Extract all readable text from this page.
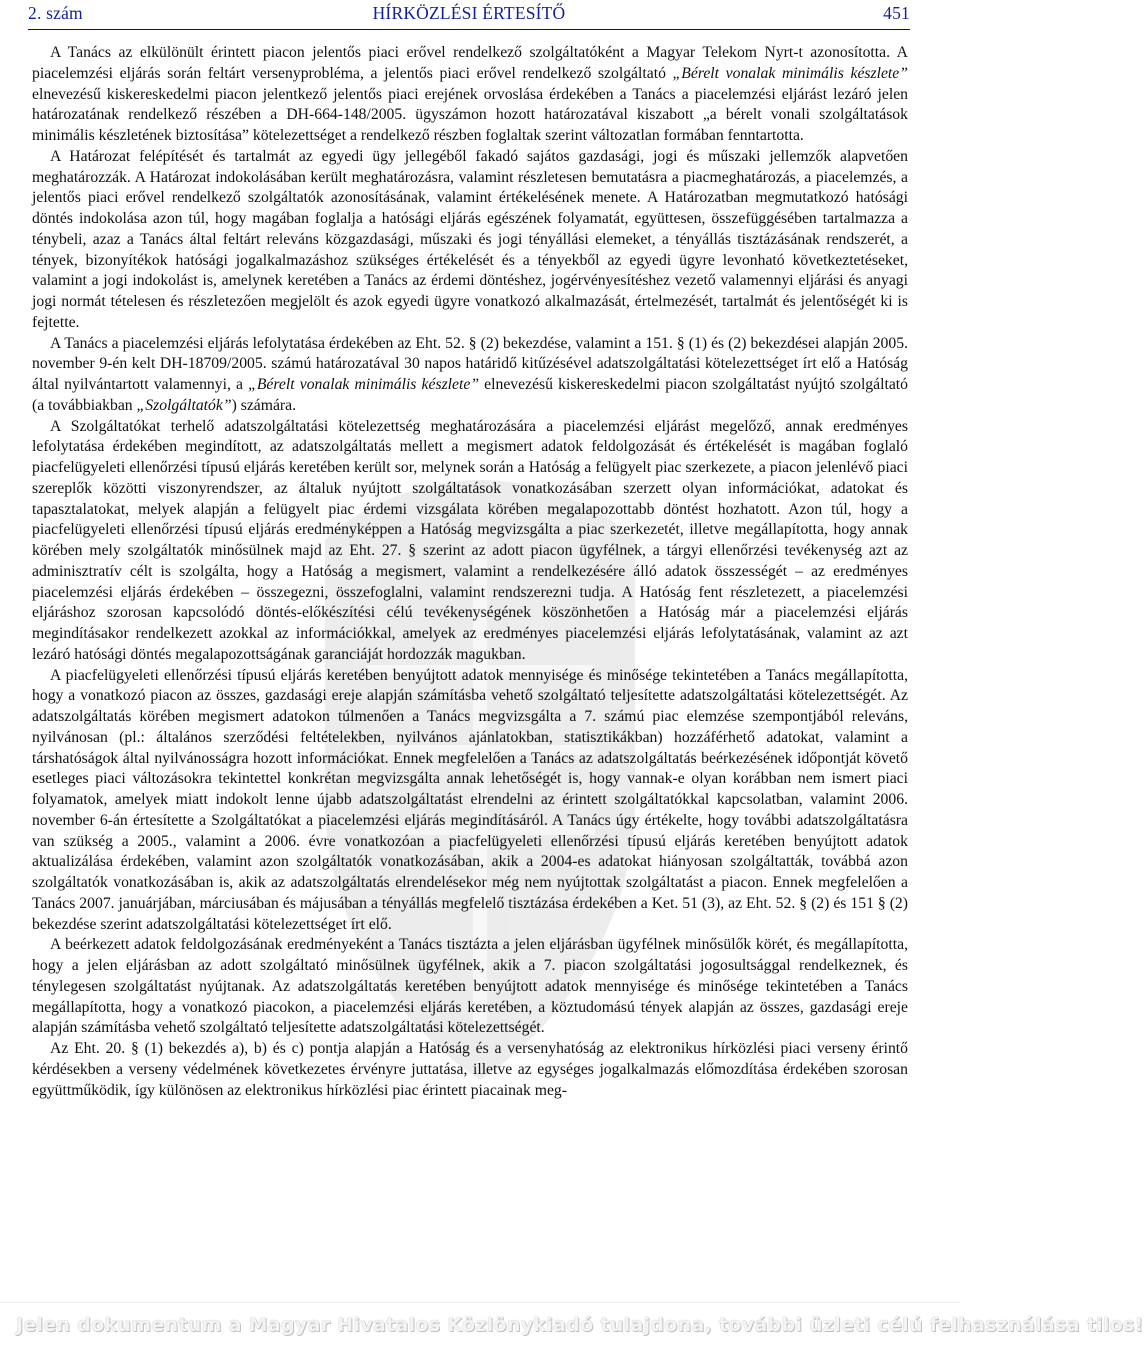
HÍRKÖZLÉSI ÉRTESÍTŐ
2. szám	451

A Tanács az elkülönült érintett piacon jelentős piaci erővel rendelkező szolgáltatóként a Magyar Telekom Nyrt-t azonosította. A piacelemzési eljárás során feltárt versenyprobléma, a jelentős piaci erővel rendelkező szolgáltató „Bérelt vonalak minimális készlete” elnevezésű kiskereskedelmi piacon jelentkező jelentős piaci erejének orvoslása érdekében a Tanács a piacelemzési eljárást lezáró jelen határozatának rendelkező részében a DH-664-148/2005. ügyszámon hozott határozatával kiszabott „a bérelt vonali szolgáltatások minimális készletének biztosítása” kötelezettséget a rendelkező részben foglaltak szerint változatlan formában fenntartotta.

A Határozat felépítését és tartalmát az egyedi ügy jellegéből fakadó sajátos gazdasági, jogi és műszaki jellemzők alapvetően meghatározzák. A Határozat indokolásában került meghatározásra, valamint részletesen bemutatásra a piacmeghatározás, a piacelemzés, a jelentős piaci erővel rendelkező szolgáltatók azonosításának, valamint értékelésének menete. A Határozatban megmutatkozó hatósági döntés indokolása azon túl, hogy magában foglalja a hatósági eljárás egészének folyamatát, együttesen, összefüggésében tartalmazza a ténybeli, azaz a Tanács által feltárt releváns közgazdasági, műszaki és jogi tényállási elemeket, a tényállás tisztázásának rendszerét, a tények, bizonyítékok hatósági jogalkalmazáshoz szükséges értékelését és a tényekből az egyedi ügyre levonható következtetéseket, valamint a jogi indokolást is, amelynek keretében a Tanács az érdemi döntéshez, jogérvényesítéshez vezető valamennyi eljárási és anyagi jogi normát tételesen és részletezően megjelölt és azok egyedi ügyre vonatkozó alkalmazását, értelmezését, tartalmát és jelentőségét ki is fejtette.

A Tanács a piacelemzési eljárás lefolytatása érdekében az Eht. 52. § (2) bekezdése, valamint a 151. § (1) és (2) bekezdései alapján 2005. november 9-én kelt DH-18709/2005. számú határozatával 30 napos határidő kitűzésével adatszolgáltatási kötelezettséget írt elő a Hatóság által nyilvántartott valamennyi, a „Bérelt vonalak minimális készlete” elnevezésű kiskereskedelmi piacon szolgáltatást nyújtó szolgáltató (a továbbiakban „Szolgáltatók”) számára.

A Szolgáltatókat terhelő adatszolgáltatási kötelezettség meghatározására a piacelemzési eljárást megelőző, annak eredményes lefolytatása érdekében megindított, az adatszolgáltatás mellett a megismert adatok feldolgozását és értékelését is magában foglaló piacfelügyeleti ellenőrzési típusú eljárás keretében került sor, melynek során a Hatóság a felügyelt piac szerkezete, a piacon jelenlévő piaci szereplők közötti viszonyrendszer, az általuk nyújtott szolgáltatások vonatkozásában szerzett olyan információkat, adatokat és tapasztalatokat, melyek alapján a felügyelt piac érdemi vizsgálata körében megalapozottabb döntést hozhatott. Azon túl, hogy a piacfelügyeleti ellenőrzési típusú eljárás eredményképpen a Hatóság megvizsgálta a piac szerkezetét, illetve megállapította, hogy annak körében mely szolgáltatók minősülnek majd az Eht. 27. § szerint az adott piacon ügyfélnek, a tárgyi ellenőrzési tevékenység azt az adminisztratív célt is szolgálta, hogy a Hatóság a megismert, valamint a rendelkezésére álló adatok összességét – az eredményes piacelemzési eljárás érdekében – összegezni, összefoglalni, valamint rendszerezni tudja. A Hatóság fent részletezett, a piacelemzési eljáráshoz szorosan kapcsolódó döntés-előkészítési célú tevékenységének köszönhetően a Hatóság már a piacelemzési eljárás megindításakor rendelkezett azokkal az információkkal, amelyek az eredményes piacelemzési eljárás lefolytatásának, valamint az azt lezáró hatósági döntés megalapozottságának garanciáját hordozzák magukban.

A piacfelügyeleti ellenőrzési típusú eljárás keretében benyújtott adatok mennyisége és minősége tekintetében a Tanács megállapította, hogy a vonatkozó piacon az összes, gazdasági ereje alapján számításba vehető szolgáltató teljesítette adatszolgáltatási kötelezettségét. Az adatszolgáltatás körében megismert adatokon túlmenően a Tanács megvizsgálta a 7. számú piac elemzése szempontjából releváns, nyilvánosan (pl.: általános szerződési feltételekben, nyilvános ajánlatokban, statisztikákban) hozzáférhető adatokat, valamint a társhatóságok által nyilvánosságra hozott információkat. Ennek megfelelően a Tanács az adatszolgáltatás beérkezésének időpontját követő esetleges piaci változásokra tekintettel konkrétan megvizsgálta annak lehetőségét is, hogy vannak-e olyan korábban nem ismert piaci folyamatok, amelyek miatt indokolt lenne újabb adatszolgáltatást elrendelni az érintett szolgáltatókkal kapcsolatban, valamint 2006. november 6-án értesítette a Szolgáltatókat a piacelemzési eljárás megindításáról. A Tanács úgy értékelte, hogy további adatszolgáltatásra van szükség a 2005., valamint a 2006. évre vonatkozóan a piacfelügyeleti ellenőrzési típusú eljárás keretében benyújtott adatok aktualizálása érdekében, valamint azon szolgáltatók vonatkozásában, akik a 2004-es adatokat hiányosan szolgáltatták, továbbá azon szolgáltatók vonatkozásában is, akik az adatszolgáltatás elrendelésekor még nem nyújtottak szolgáltatást a piacon. Ennek megfelelően a Tanács 2007. januárjában, márciusában és májusában a tényállás megfelelő tisztázása érdekében a Ket. 51 (3), az Eht. 52. § (2) és 151 § (2) bekezdése szerint adatszolgáltatási kötelezettséget írt elő.

A beérkezett adatok feldolgozásának eredményeként a Tanács tisztázta a jelen eljárásban ügyfélnek minősülők körét, és megállapította, hogy a jelen eljárásban az adott szolgáltató minősülnek ügyfélnek, akik a 7. piacon szolgáltatási jogosultsággal rendelkeznek, és ténylegesen szolgáltatást nyújtanak. Az adatszolgáltatás keretében benyújtott adatok mennyisége és minősége tekintetében a Tanács megállapította, hogy a vonatkozó piacokon, a piacelemzési eljárás keretében, a köztudomású tények alapján az összes, gazdasági ereje alapján számításba vehető szolgáltató teljesítette adatszolgáltatási kötelezettségét.

Az Eht. 20. § (1) bekezdés a), b) és c) pontja alapján a Hatóság és a versenyhatóság az elektronikus hírközlési piaci verseny érintő kérdésekben a verseny védelmének következetes érvényre juttatása, illetve az egységes jogalkalmazás előmozdítása érdekében szorosan együttműködik, így különösen az elektronikus hírközlési piac érintett piacainak meg-

Jelen dokumentum a Magyar Hivatalos Közlönykiadó tulajdona, további üzleti célú felhasználása tilos!
